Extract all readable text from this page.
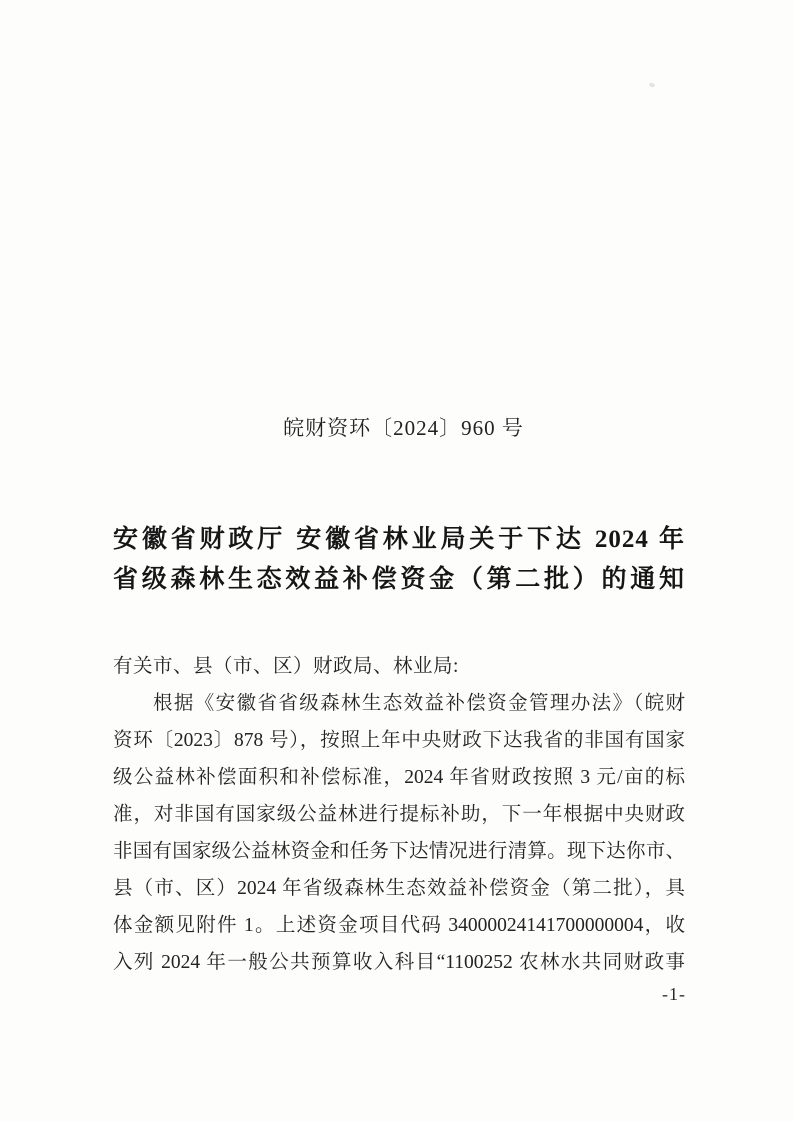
皖财资环〔2024〕960 号
安徽省财政厅 安徽省林业局关于下达 2024 年
省级森林生态效益补偿资金（第二批）的通知
有关市、县（市、区）财政局、林业局:
根据《安徽省省级森林生态效益补偿资金管理办法》（皖财
资环〔2023〕878 号），按照上年中央财政下达我省的非国有国家
级公益林补偿面积和补偿标准，2024 年省财政按照 3 元/亩的标
准，对非国有国家级公益林进行提标补助，下一年根据中央财政
非国有国家级公益林资金和任务下达情况进行清算。现下达你市、
县（市、区）2024 年省级森林生态效益补偿资金（第二批），具
体金额见附件 1。上述资金项目代码 34000024141700000004，收
入列 2024 年一般公共预算收入科目“1100252 农林水共同财政事
-1-
